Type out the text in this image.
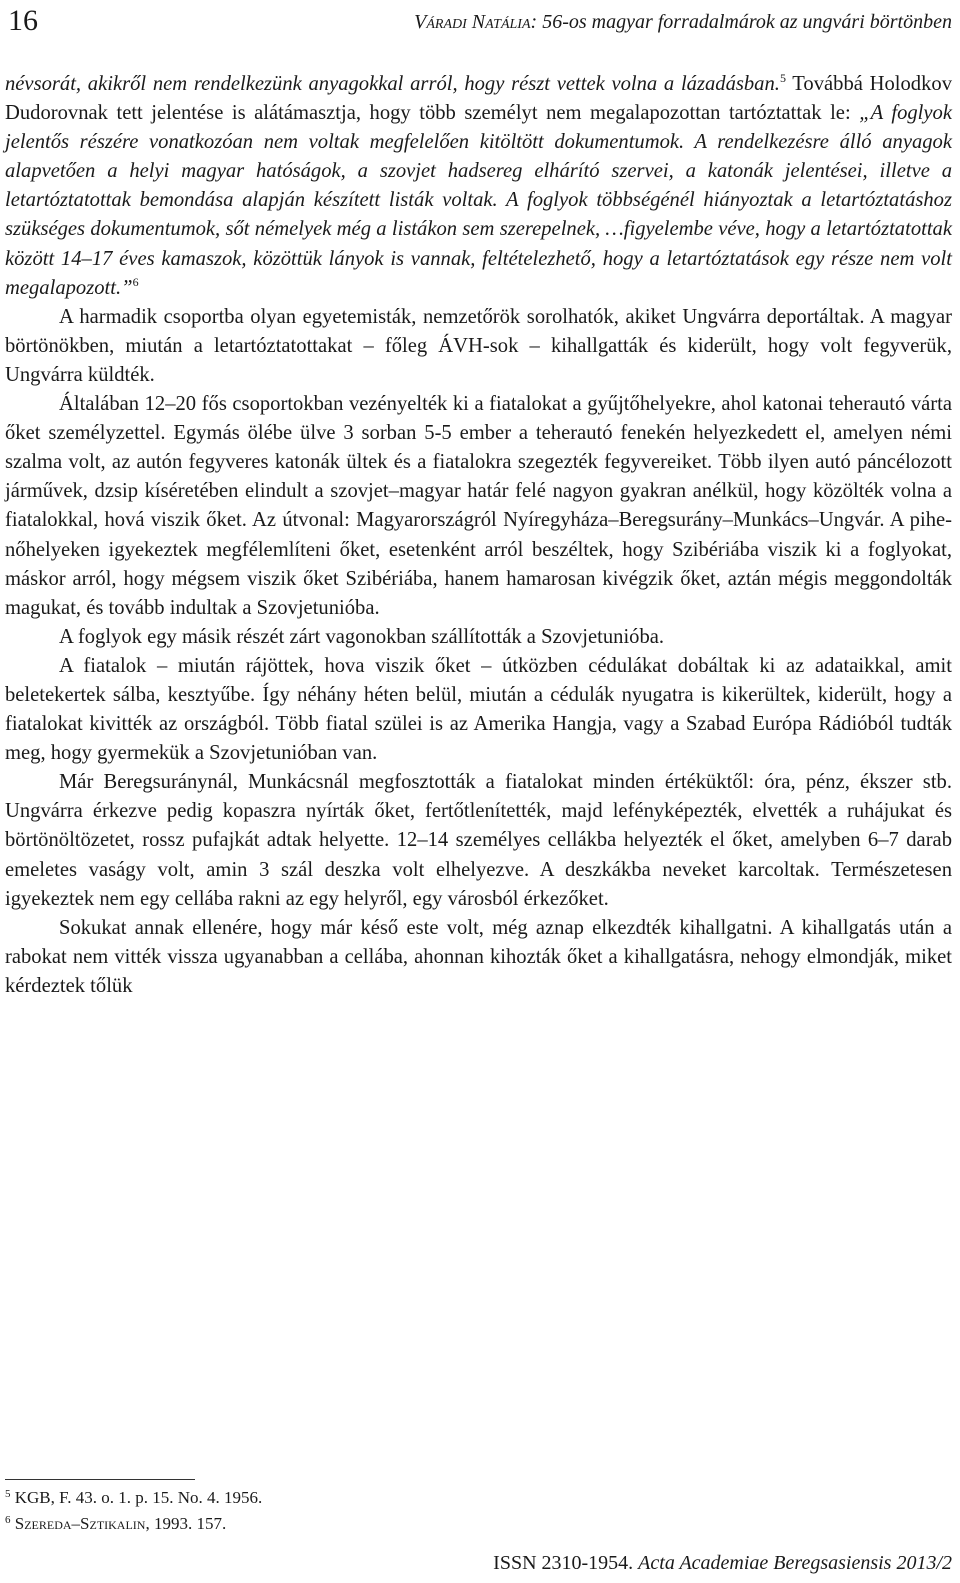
16	Váradi Natália: 56-os magyar forradalmárok az ungvári börtönben

névsorát, akikről nem rendelkezünk anyagokkal arról, hogy részt vettek volna a lázadásban.$^5$ Továbbá Holodkov Dudorovnak tett jelentése is alátámasztja, hogy több személyt nem megalapozottan tartóztattak le: „A foglyok jelentős részére vonatkozóan nem voltak megfelelően kitöltött dokumentumok. A rendelkezésre álló anyagok alapvetően a helyi magyar hatóságok, a szovjet hadsereg elhárító szervei, a katonák jelentései, illetve a letartóztatottak bemondása alapján készített listák voltak. A foglyok többségénél hiányoztak a letartóztatáshoz szükséges dokumentumok, sőt némelyek még a listákon sem szerepelnek, …figyelembe véve, hogy a letartóztatottak között 14–17 éves kamaszok, közöttük lányok is vannak, feltételezhető, hogy a letartóztatások egy része nem volt megalapozott.”$^6$

A harmadik csoportba olyan egyetemisták, nemzetőrök sorolhatók, akiket Ungvárra deportáltak. A magyar börtönökben, miután a letartóztatottakat – főleg ÁVH-sok – kihallgatták és kiderült, hogy volt fegyverük, Ungvárra küldték.

Általában 12–20 fős csoportokban vezényelték ki a fiatalokat a gyűjtőhelyekre, ahol katonai teherautó várta őket személyzettel. Egymás ölébe ülve 3 sorban 5-5 ember a teherautó fenekén helyezkedett el, amelyen némi szalma volt, az autón fegyveres katonák ültek és a fiatalokra szegezték fegyvereiket. Több ilyen autó páncélozott járművek, dzsip kíséretében elindult a szovjet–magyar határ felé nagyon gyakran anélkül, hogy közölték volna a fiatalokkal, hová viszik őket. Az útvonal: Magyarországról Nyíregyháza–Beregsurány–Munkács–Ungvár. A pihenőhelyeken igyekeztek megfélemlíteni őket, esetenként arról beszéltek, hogy Szibériába viszik ki a foglyokat, máskor arról, hogy mégsem viszik őket Szibériába, hanem hamarosan kivégzik őket, aztán mégis meggondolták magukat, és tovább indultak a Szovjetunióba.

A foglyok egy másik részét zárt vagonokban szállították a Szovjetunióba.

A fiatalok – miután rájöttek, hova viszik őket – útközben cédulákat dobáltak ki az adataikkal, amit beletekertek sálba, kesztyűbe. Így néhány héten belül, miután a cédulák nyugatra is kikerültek, kiderült, hogy a fiatalokat kivitték az országból. Több fiatal szülei is az Amerika Hangja, vagy a Szabad Európa Rádióból tudták meg, hogy gyermekük a Szovjetunióban van.

Már Beregsuránynál, Munkácsnál megfosztották a fiatalokat minden értéküktől: óra, pénz, ékszer stb. Ungvárra érkezve pedig kopaszra nyírták őket, fertőtlenítették, majd lefényképezték, elvették a ruhájukat és börtönöltözetet, rossz pufajkát adtak helyette. 12–14 személyes cellákba helyezték el őket, amelyben 6–7 darab emeletes vaságy volt, amin 3 szál deszka volt elhelyezve. A deszkákba neveket karcoltak. Természetesen igyekeztek nem egy cellába rakni az egy helyről, egy városból érkezőket.

Sokukat annak ellenére, hogy már késő este volt, még aznap elkezdték kihallgatni. A kihallgatás után a rabokat nem vitték vissza ugyanabban a cellába, ahonnan kihozták őket a kihallgatásra, nehogy elmondják, miket kérdeztek tőlük

$^5$ KGB, F. 43. o. 1. p. 15. No. 4. 1956.

$^6$ Szereda–Sztikalin, 1993. 157.

ISSN 2310-1954. Acta Academiae Beregsasiensis 2013/2
